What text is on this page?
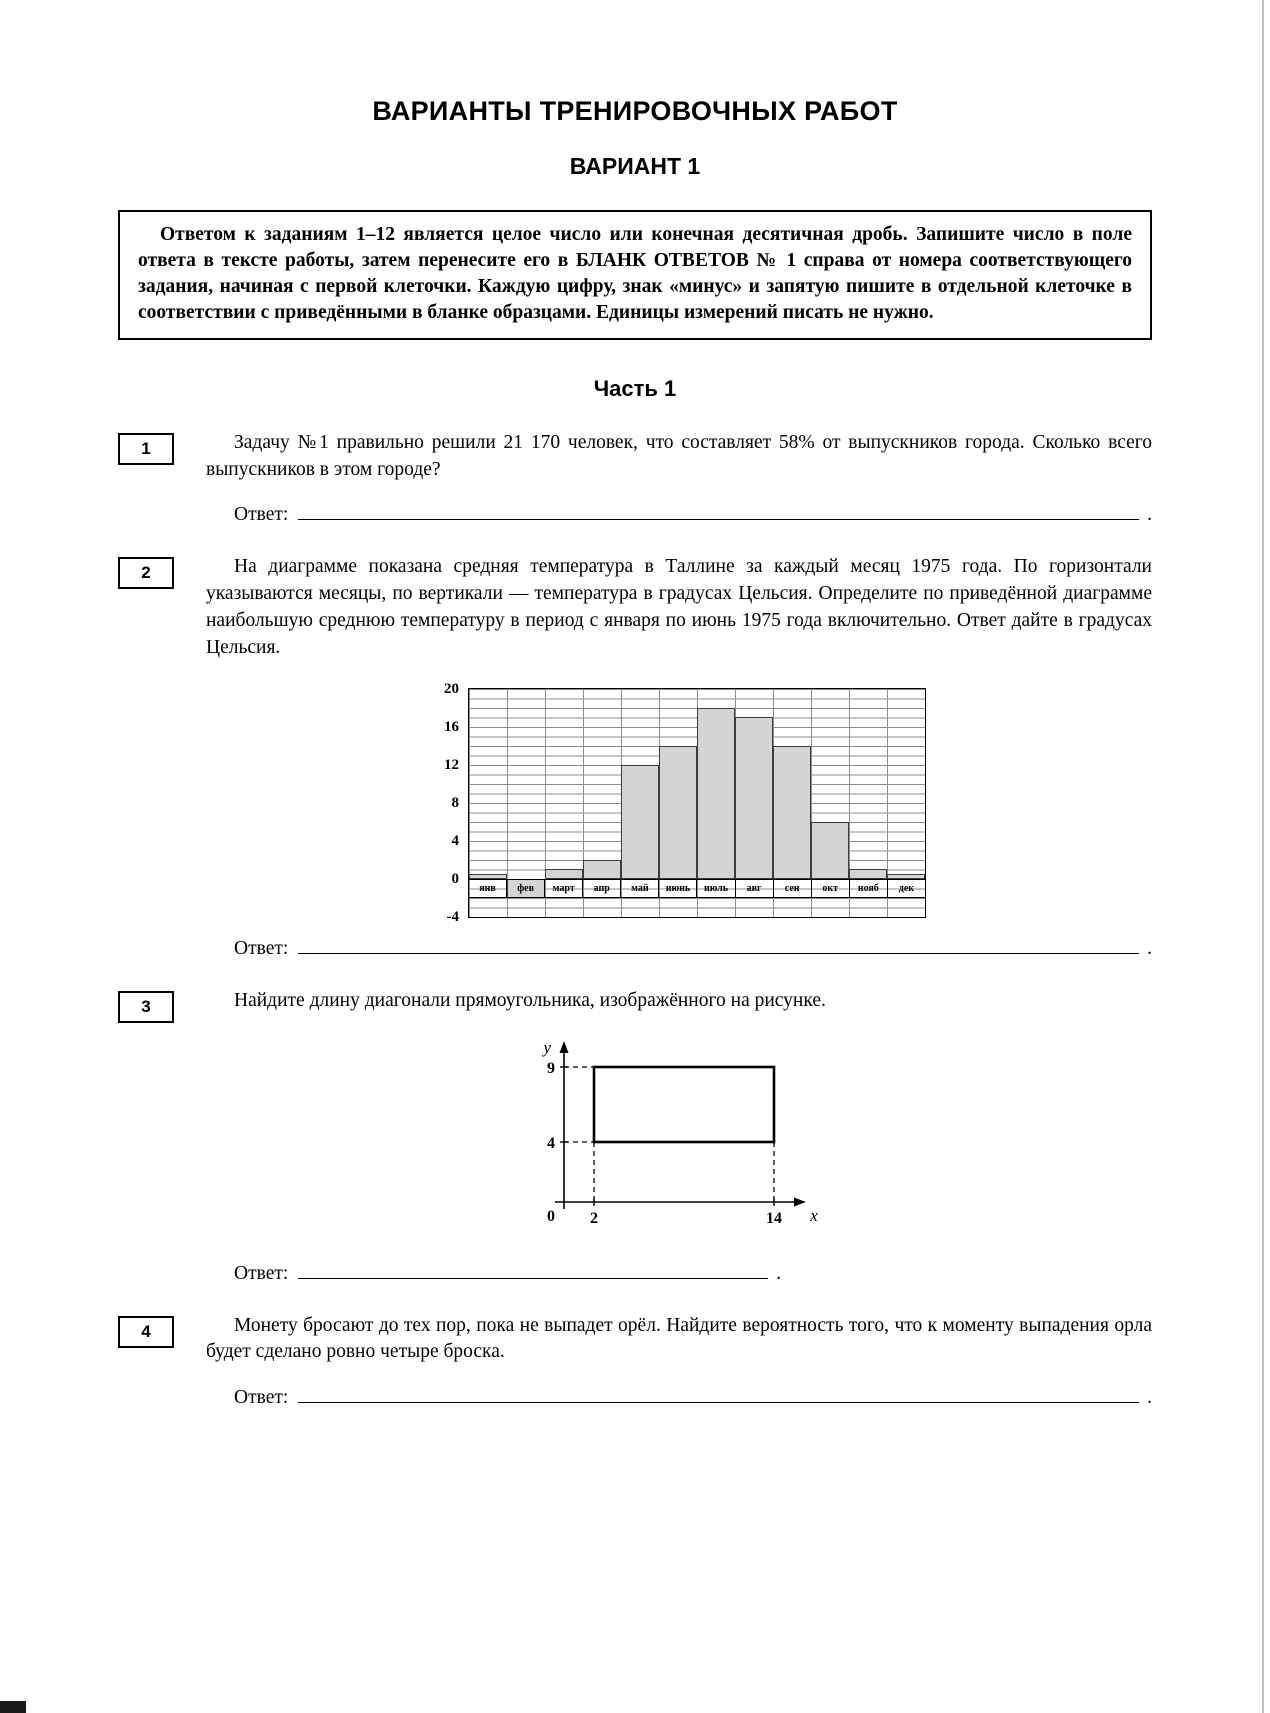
ВАРИАНТЫ ТРЕНИРОВОЧНЫХ РАБОТ
ВАРИАНТ 1
Ответом к заданиям 1–12 является целое число или конечная десятичная дробь. Запишите число в поле ответа в тексте работы, затем перенесите его в БЛАНК ОТВЕТОВ № 1 справа от номера соответствующего задания, начиная с первой клеточки. Каждую цифру, знак «минус» и запятую пишите в отдельной клеточке в соответствии с приведёнными в бланке образцами. Единицы измерений писать не нужно.
Часть 1
1	Задачу №1 правильно решили 21 170 человек, что составляет 58% от выпускников города. Сколько всего выпускников в этом городе?

Ответ:	.
2	На диаграмме показана средняя температура в Таллине за каждый месяц 1975 года. По горизонтали указываются месяцы, по вертикали — температура в градусах Цельсия. Определите по приведённой диаграмме наибольшую среднюю температуру в период с января по июнь 1975 года включительно. Ответ дайте в градусах Цельсия.

20
16
12
8
4
0
-4
янв	фев	март	апр	май	июнь	июль	авг	сен	окт	нояб	дек
Ответ:	.
3	Найдите длину диагонали прямоугольника, изображённого на рисунке.

y
9
4
0 2	14 x
Ответ:	.
4	Монету бросают до тех пор, пока не выпадет орёл. Найдите вероятность того, что к моменту выпадения орла будет сделано ровно четыре броска.

Ответ:	.
